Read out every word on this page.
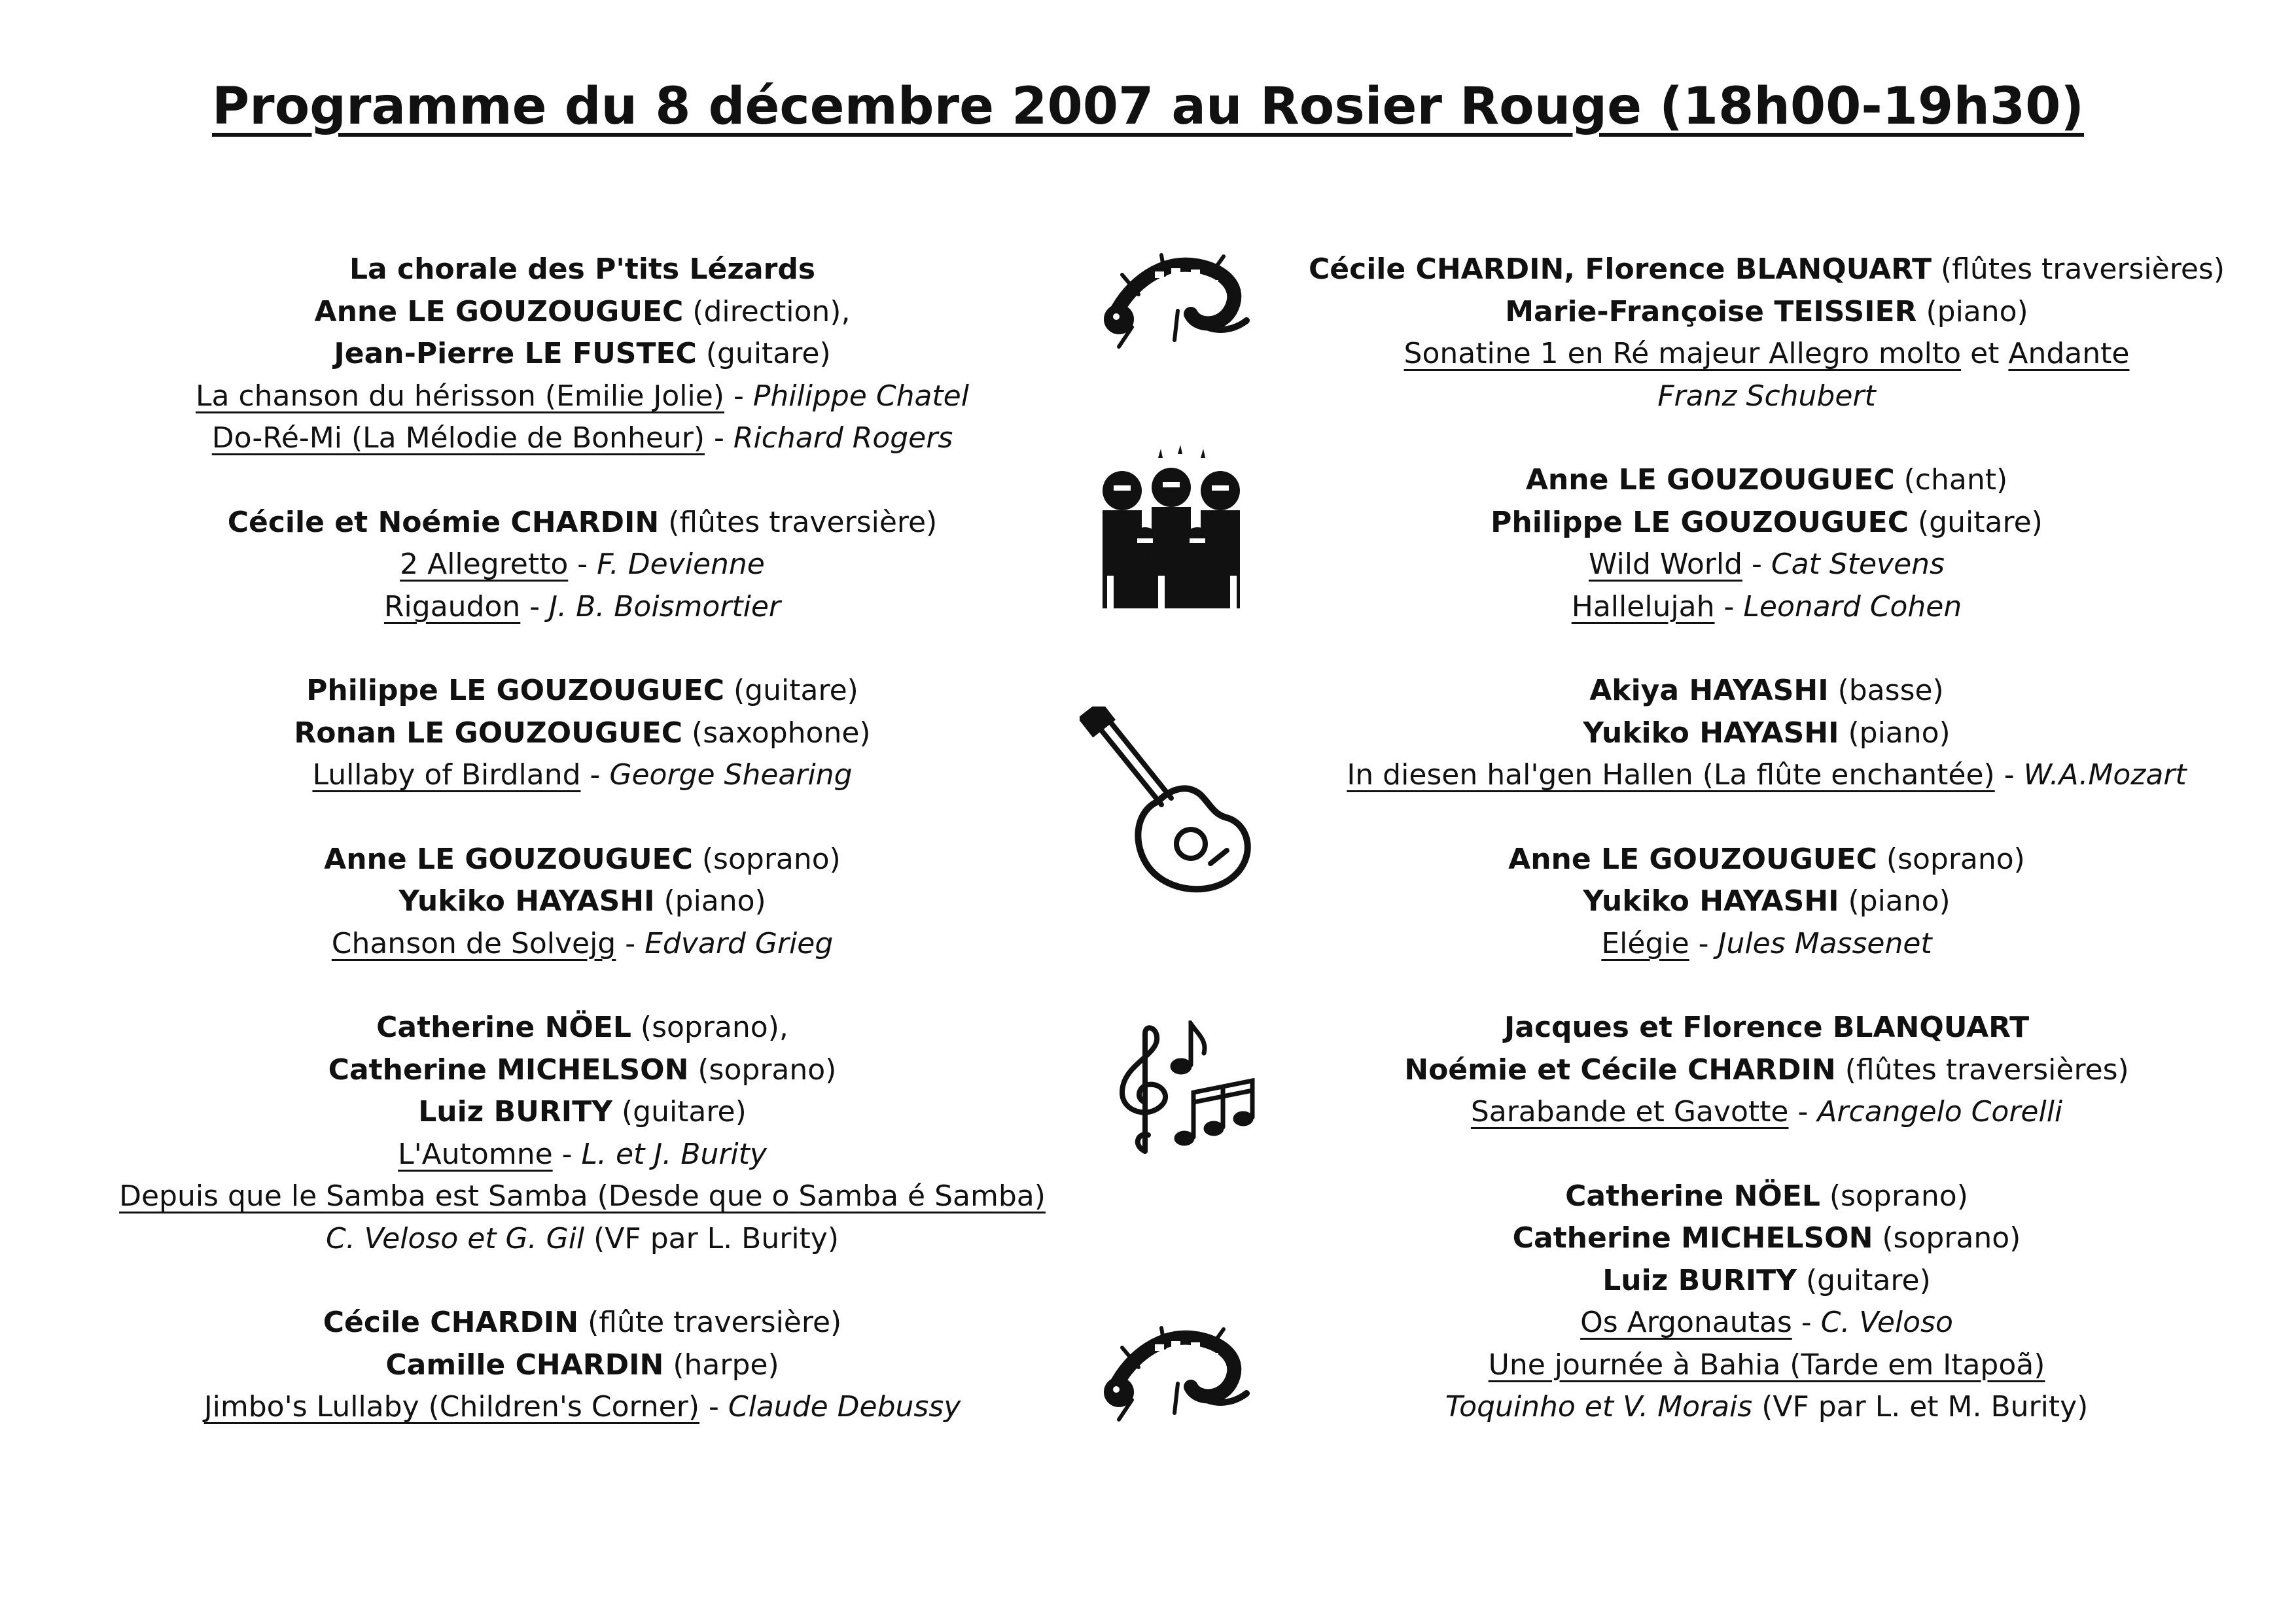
Programme du 8 décembre 2007 au Rosier Rouge (18h00-19h30)
La chorale des P'tits Lézards
Anne LE GOUZOUGUEC (direction),
Jean-Pierre LE FUSTEC (guitare)
La chanson du hérisson (Emilie Jolie) - Philippe Chatel
Do-Ré-Mi (La Mélodie de Bonheur) - Richard Rogers
Cécile et Noémie CHARDIN (flûtes traversière)
2 Allegretto - F. Devienne
Rigaudon - J. B. Boismortier
Philippe LE GOUZOUGUEC (guitare)
Ronan LE GOUZOUGUEC (saxophone)
Lullaby of Birdland - George Shearing
Anne LE GOUZOUGUEC (soprano)
Yukiko HAYASHI (piano)
Chanson de Solvejg - Edvard Grieg
Catherine NÖEL (soprano),
Catherine MICHELSON (soprano)
Luiz BURITY (guitare)
L'Automne - L. et J. Burity
Depuis que le Samba est Samba (Desde que o Samba é Samba)
C. Veloso et G. Gil (VF par L. Burity)
Cécile CHARDIN (flûte traversière)
Camille CHARDIN (harpe)
Jimbo's Lullaby (Children's Corner) - Claude Debussy
Cécile CHARDIN, Florence BLANQUART (flûtes traversières)
Marie-Françoise TEISSIER (piano)
Sonatine 1 en Ré majeur Allegro molto et Andante
Franz Schubert
Anne LE GOUZOUGUEC (chant)
Philippe LE GOUZOUGUEC (guitare)
Wild World - Cat Stevens
Hallelujah - Leonard Cohen
Akiya HAYASHI (basse)
Yukiko HAYASHI (piano)
In diesen hal'gen Hallen (La flûte enchantée) - W.A.Mozart
Anne LE GOUZOUGUEC (soprano)
Yukiko HAYASHI (piano)
Elégie - Jules Massenet
Jacques et Florence BLANQUART
Noémie et Cécile CHARDIN (flûtes traversières)
Sarabande et Gavotte - Arcangelo Corelli
Catherine NÖEL (soprano)
Catherine MICHELSON (soprano)
Luiz BURITY (guitare)
Os Argonautas - C. Veloso
Une journée à Bahia (Tarde em Itapoã)
Toquinho et V. Morais (VF par L. et M. Burity)
